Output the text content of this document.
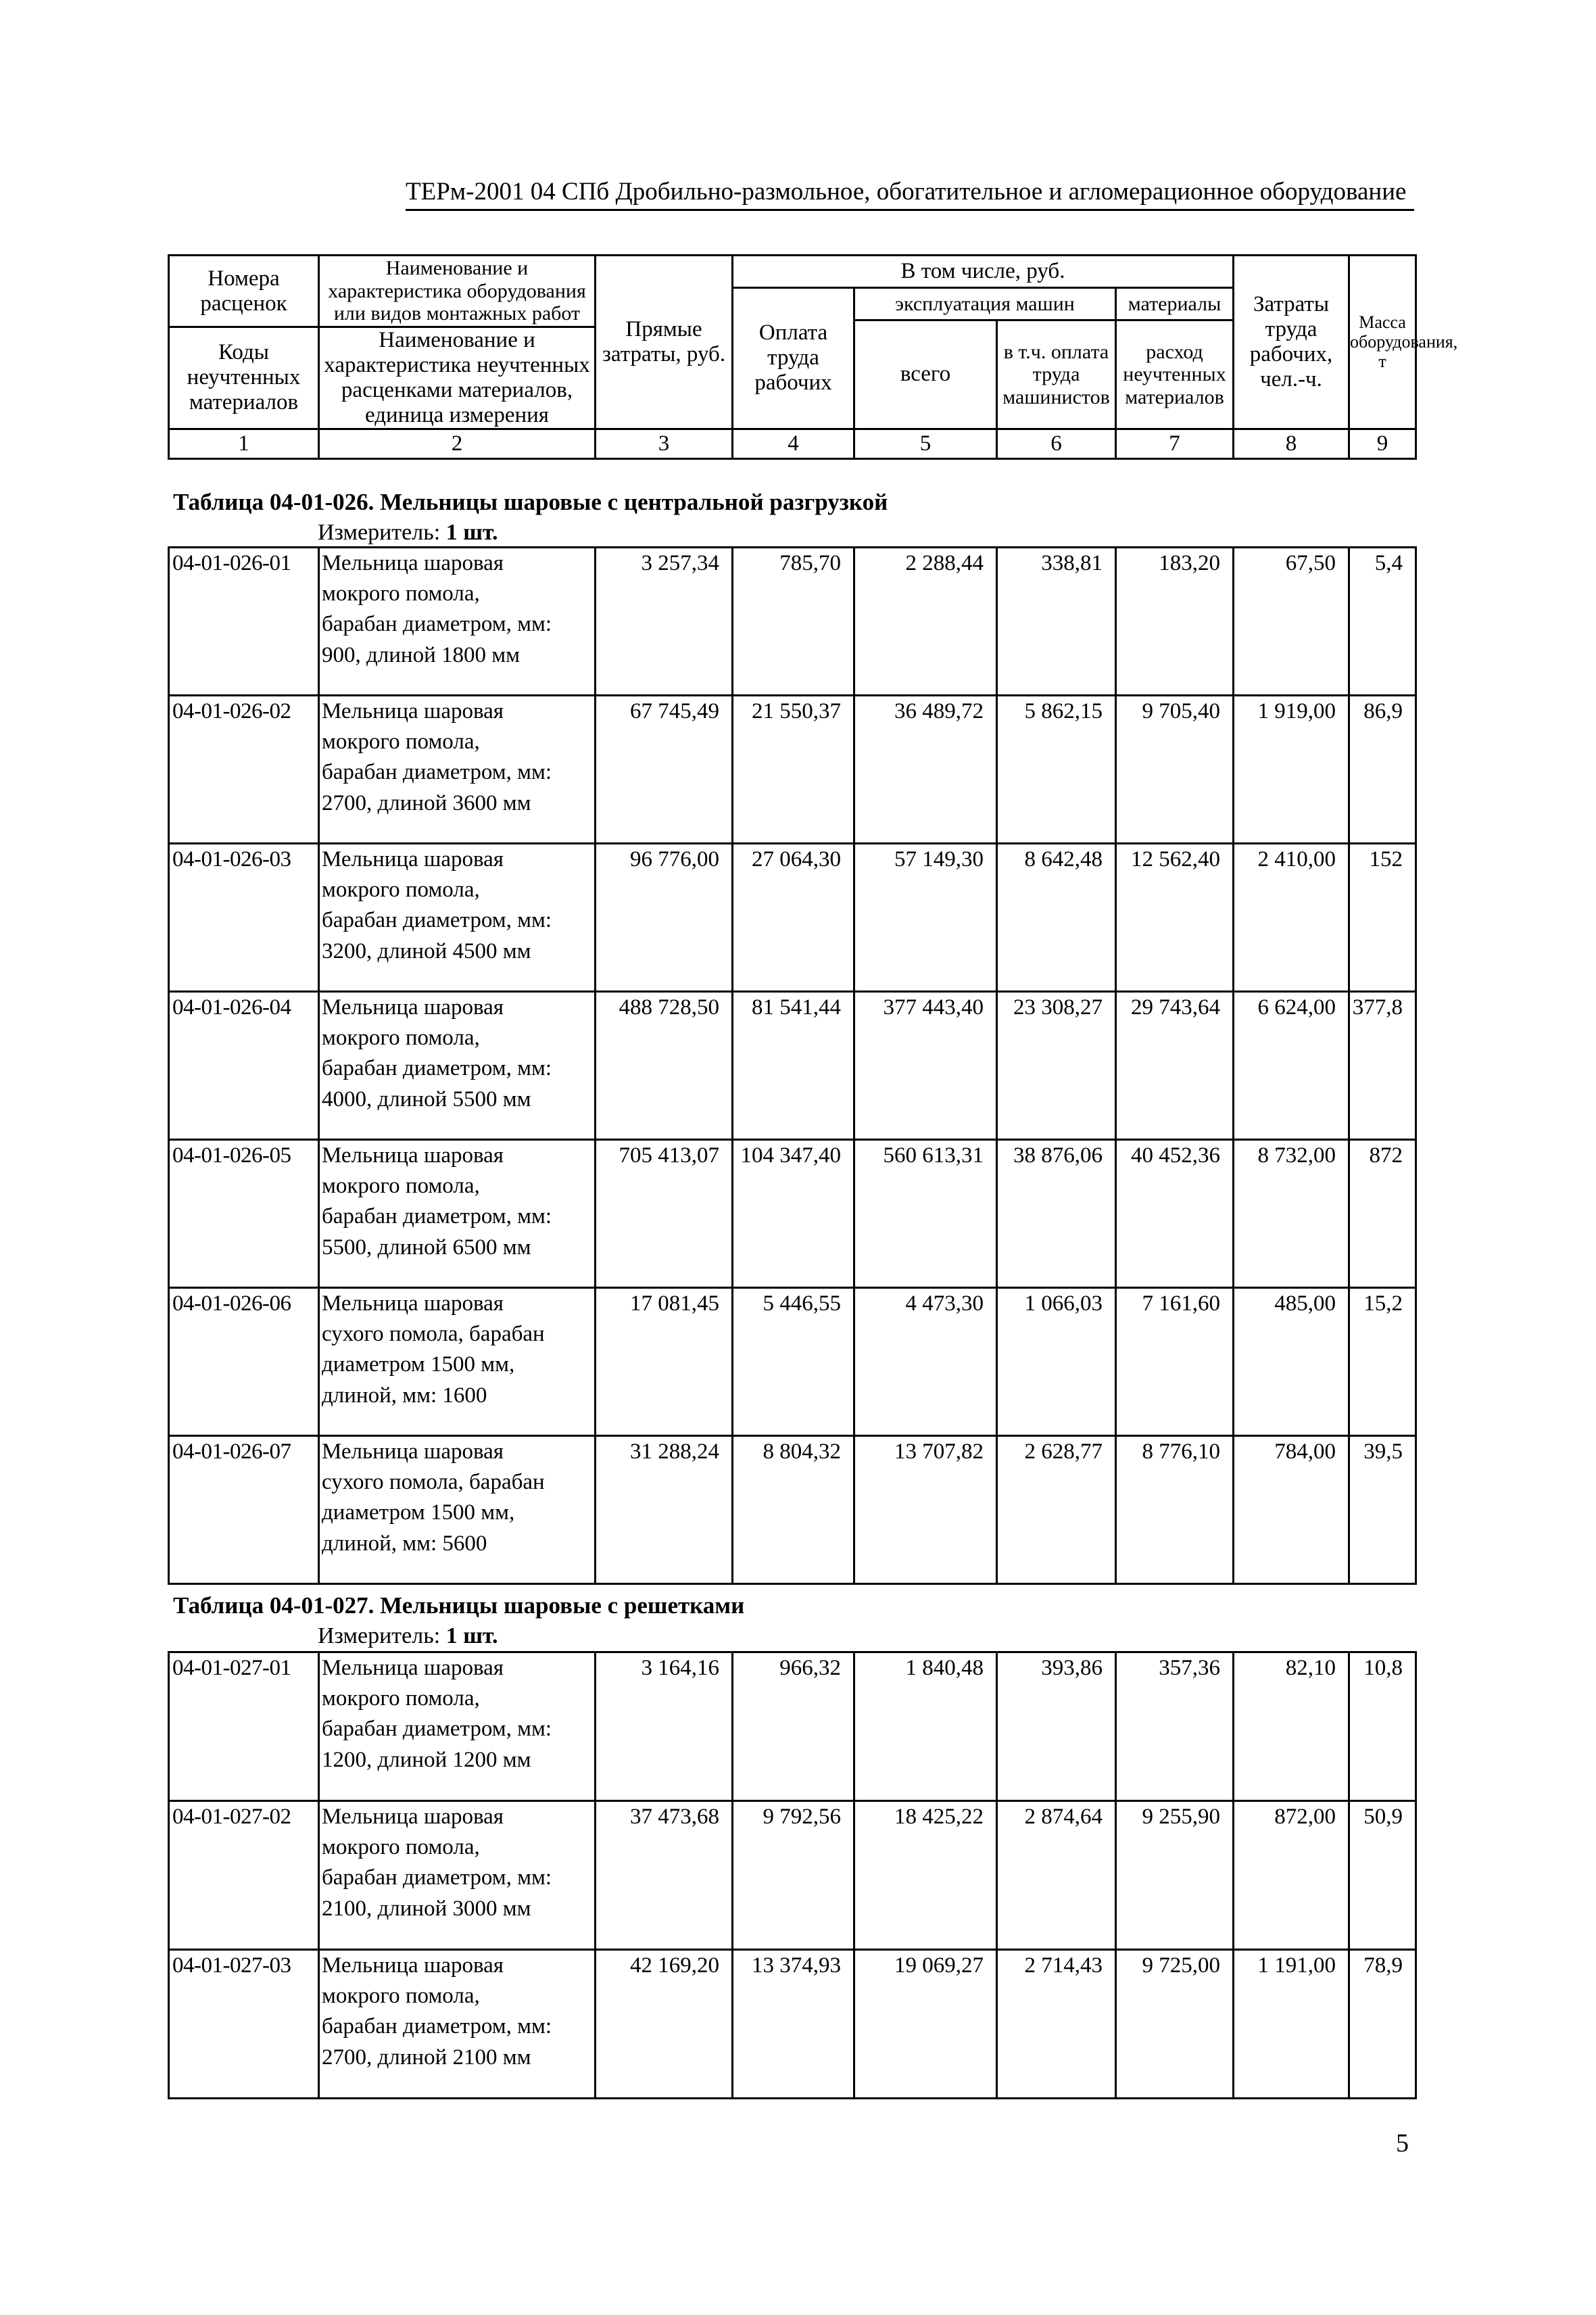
ТЕРм-2001 04 СПб Дробильно-размольное, обогатительное и агломерационное оборудование
Номера расценок	Наименование и характеристика оборудования или видов монтажных работ	Прямые затраты, руб.	В том числе, руб.				Затраты труда рабочих, чел.-ч.	Масса оборудования, т
			Оплата труда рабочих	эксплуатация машин		материалы		
				всего	в т.ч. оплата труда машинистов	расход неучтенных материалов		
Коды неучтенных материалов	Наименование и характеристика неучтенных расценками материалов, единица измерения							

1	2	3	4	5	6	7	8	9
Таблица 04-01-026. Мельницы шаровые с центральной разгрузкой
Измеритель: 1 шт.
04-01-026-01	Мельница шаровая
мокрого помола,
барабан диаметром, мм:
900, длиной 1800 мм	3 257,34	785,70	2 288,44	338,81	183,20	67,50	5,4
04-01-026-02	Мельница шаровая
мокрого помола,
барабан диаметром, мм:
2700, длиной 3600 мм	67 745,49	21 550,37	36 489,72	5 862,15	9 705,40	1 919,00	86,9
04-01-026-03	Мельница шаровая
мокрого помола,
барабан диаметром, мм:
3200, длиной 4500 мм	96 776,00	27 064,30	57 149,30	8 642,48	12 562,40	2 410,00	152
04-01-026-04	Мельница шаровая
мокрого помола,
барабан диаметром, мм:
4000, длиной 5500 мм	488 728,50	81 541,44	377 443,40	23 308,27	29 743,64	6 624,00	377,8
04-01-026-05	Мельница шаровая
мокрого помола,
барабан диаметром, мм:
5500, длиной 6500 мм	705 413,07	104 347,40	560 613,31	38 876,06	40 452,36	8 732,00	872
04-01-026-06	Мельница шаровая
сухого помола, барабан
диаметром 1500 мм,
длиной, мм: 1600	17 081,45	5 446,55	4 473,30	1 066,03	7 161,60	485,00	15,2
04-01-026-07	Мельница шаровая
сухого помола, барабан
диаметром 1500 мм,
длиной, мм: 5600	31 288,24	8 804,32	13 707,82	2 628,77	8 776,10	784,00	39,5
Таблица 04-01-027. Мельницы шаровые с решетками
Измеритель: 1 шт.
04-01-027-01	Мельница шаровая
мокрого помола,
барабан диаметром, мм:
1200, длиной 1200 мм	3 164,16	966,32	1 840,48	393,86	357,36	82,10	10,8
04-01-027-02	Мельница шаровая
мокрого помола,
барабан диаметром, мм:
2100, длиной 3000 мм	37 473,68	9 792,56	18 425,22	2 874,64	9 255,90	872,00	50,9
04-01-027-03	Мельница шаровая
мокрого помола,
барабан диаметром, мм:
2700, длиной 2100 мм	42 169,20	13 374,93	19 069,27	2 714,43	9 725,00	1 191,00	78,9
5
